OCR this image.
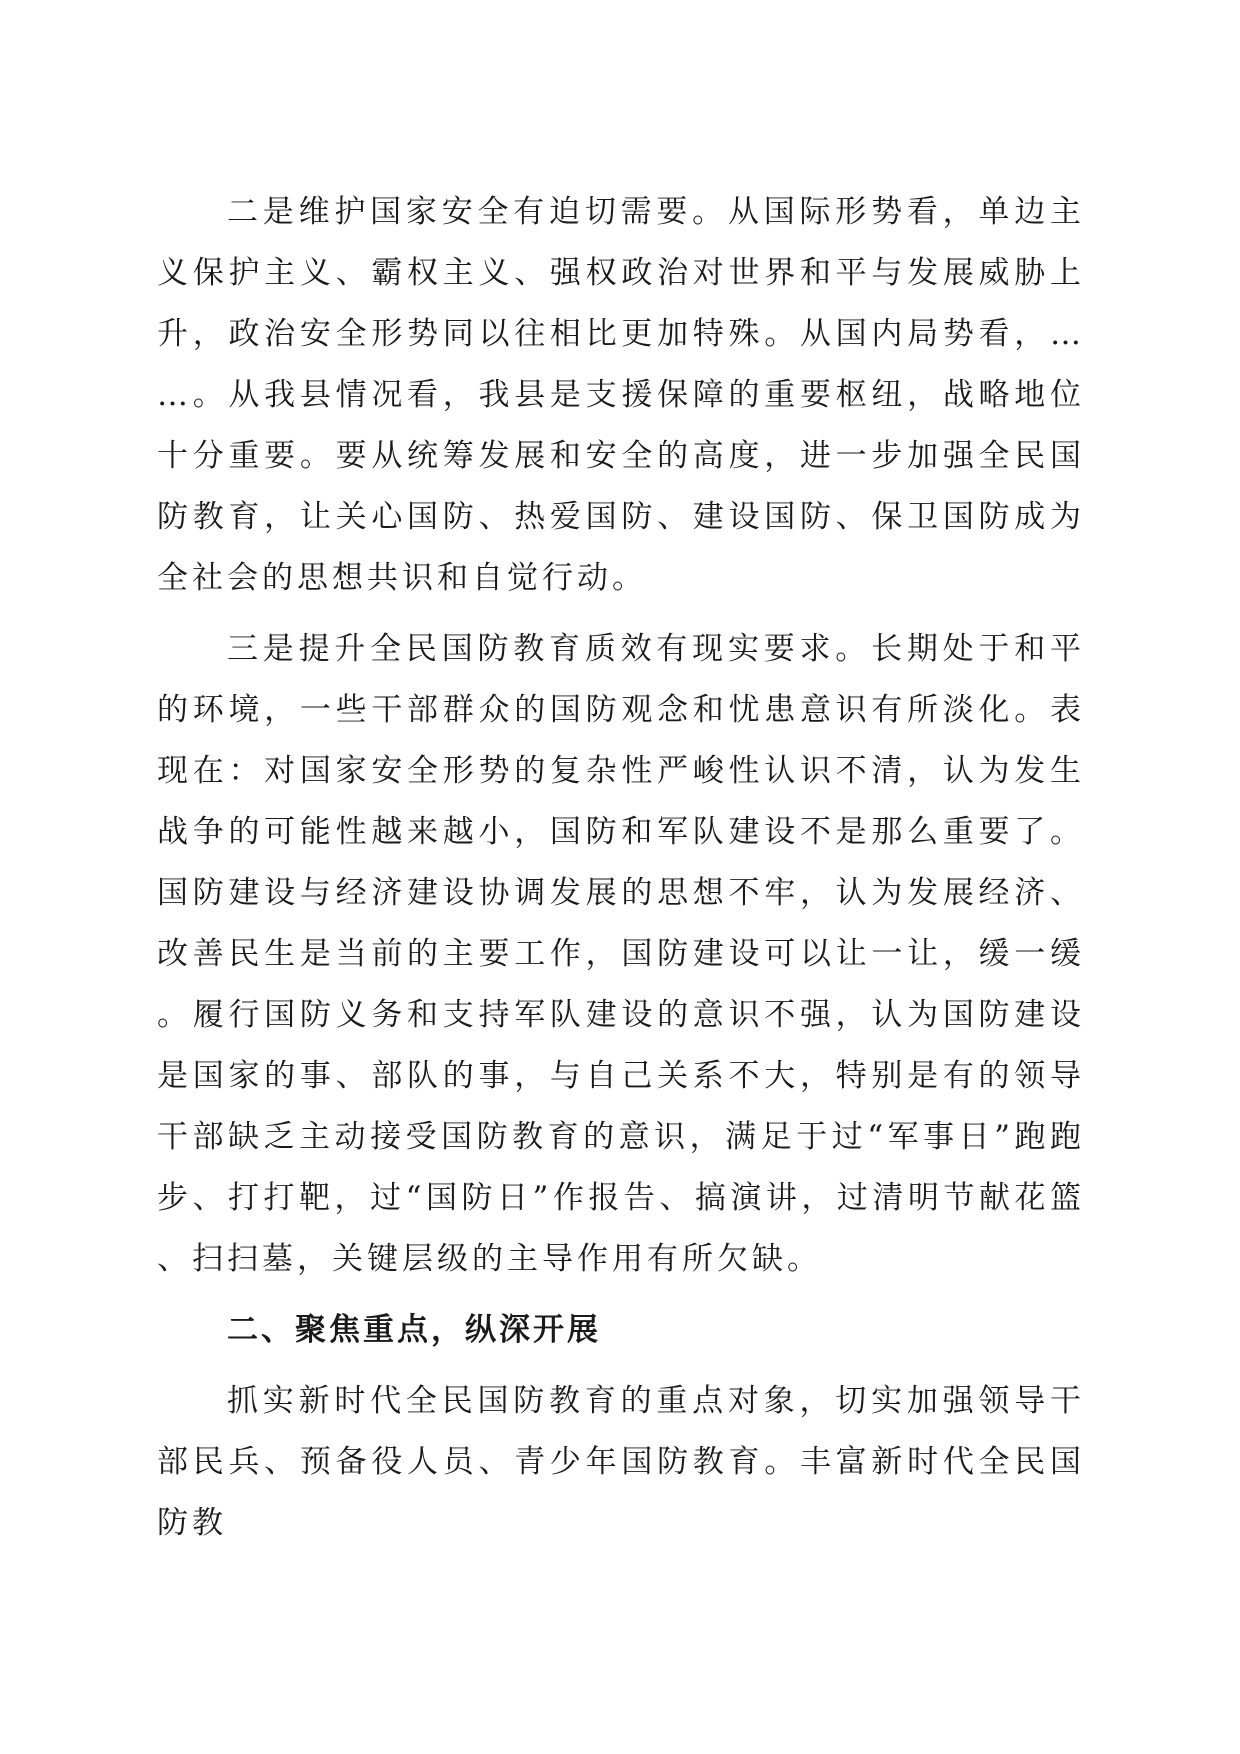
二是维护国家安全有迫切需要。从国际形势看，单边主义保护主义、霸权主义、强权政治对世界和平与发展威胁上升，政治安全形势同以往相比更加特殊。从国内局势看，……。从我县情况看，我县是支援保障的重要枢纽，战略地位十分重要。要从统筹发展和安全的高度，进一步加强全民国防教育，让关心国防、热爱国防、建设国防、保卫国防成为全社会的思想共识和自觉行动。

三是提升全民国防教育质效有现实要求。长期处于和平的环境，一些干部群众的国防观念和忧患意识有所淡化。表现在：对国家安全形势的复杂性严峻性认识不清，认为发生战争的可能性越来越小，国防和军队建设不是那么重要了。国防建设与经济建设协调发展的思想不牢，认为发展经济、改善民生是当前的主要工作，国防建设可以让一让，缓一缓。履行国防义务和支持军队建设的意识不强，认为国防建设是国家的事、部队的事，与自己关系不大，特别是有的领导干部缺乏主动接受国防教育的意识，满足于过“军事日”跑跑步、打打靶，过“国防日”作报告、搞演讲，过清明节献花篮、扫扫墓，关键层级的主导作用有所欠缺。

二、聚焦重点，纵深开展

抓实新时代全民国防教育的重点对象，切实加强领导干部民兵、预备役人员、青少年国防教育。丰富新时代全民国防教
